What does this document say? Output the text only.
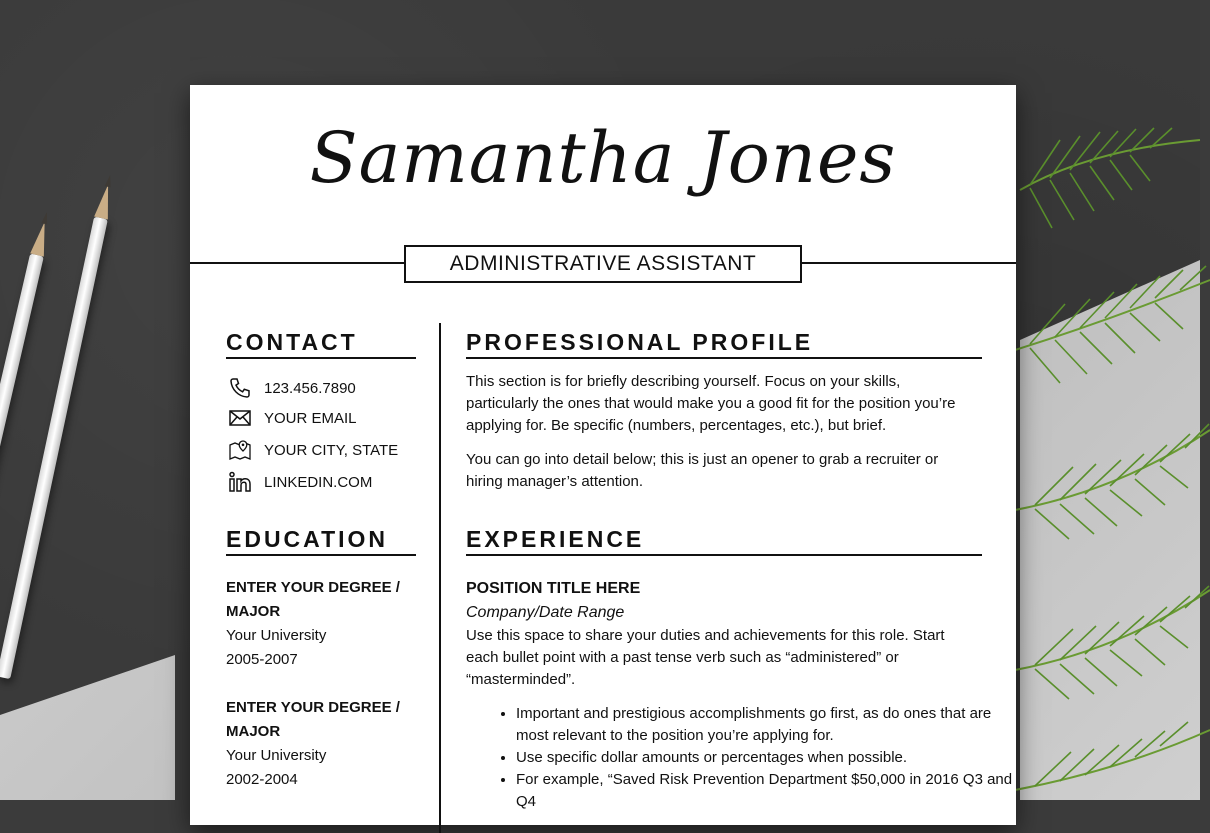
Samantha Jones
ADMINISTRATIVE ASSISTANT
CONTACT
123.456.7890
YOUR EMAIL
YOUR CITY, STATE
LINKEDIN.COM
EDUCATION
ENTER YOUR DEGREE /
MAJOR
Your University
2005-2007
ENTER YOUR DEGREE /
MAJOR
Your University
2002-2004
PROFESSIONAL PROFILE
This section is for briefly describing yourself. Focus on your skills, particularly the ones that would make you a good fit for the position you’re applying for. Be specific (numbers, percentages, etc.), but brief.
You can go into detail below; this is just an opener to grab a recruiter or hiring manager’s attention.
EXPERIENCE
POSITION TITLE HERE
Company/Date Range
Use this space to share your duties and achievements for this role. Start each bullet point with a past tense verb such as “administered” or “masterminded”.
• Important and prestigious accomplishments go first, as do ones that are most relevant to the position you’re applying for.
• Use specific dollar amounts or percentages when possible.
• For example, “Saved Risk Prevention Department $50,000 in 2016 Q3 and Q4
